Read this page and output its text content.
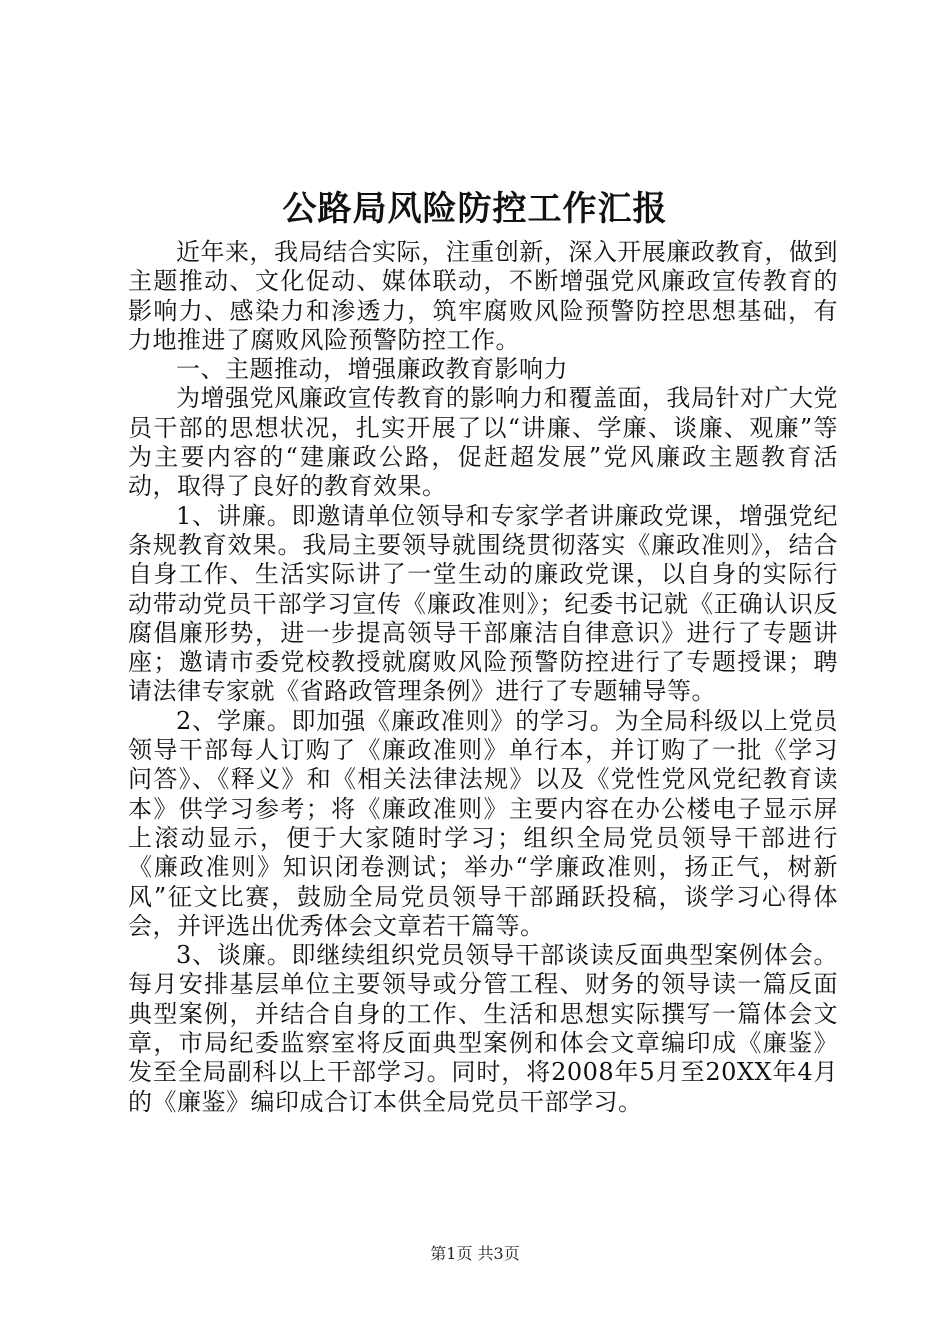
公路局风险防控工作汇报

近年来，我局结合实际，注重创新，深入开展廉政教育，做到主题推动、文化促动、媒体联动，不断增强党风廉政宣传教育的影响力、感染力和渗透力，筑牢腐败风险预警防控思想基础，有力地推进了腐败风险预警防控工作。

一、主题推动，增强廉政教育影响力

为增强党风廉政宣传教育的影响力和覆盖面，我局针对广大党员干部的思想状况，扎实开展了以“讲廉、学廉、谈廉、观廉”等为主要内容的“建廉政公路，促赶超发展”党风廉政主题教育活动，取得了良好的教育效果。

1、讲廉。即邀请单位领导和专家学者讲廉政党课，增强党纪条规教育效果。我局主要领导就围绕贯彻落实《廉政准则》，结合自身工作、生活实际讲了一堂生动的廉政党课，以自身的实际行动带动党员干部学习宣传《廉政准则》；纪委书记就《正确认识反腐倡廉形势，进一步提高领导干部廉洁自律意识》进行了专题讲座；邀请市委党校教授就腐败风险预警防控进行了专题授课；聘请法律专家就《省路政管理条例》进行了专题辅导等。

2、学廉。即加强《廉政准则》的学习。为全局科级以上党员领导干部每人订购了《廉政准则》单行本，并订购了一批《学习问答》、《释义》和《相关法律法规》以及《党性党风党纪教育读本》供学习参考；将《廉政准则》主要内容在办公楼电子显示屏上滚动显示，便于大家随时学习；组织全局党员领导干部进行《廉政准则》知识闭卷测试；举办“学廉政准则，扬正气，树新风”征文比赛，鼓励全局党员领导干部踊跃投稿，谈学习心得体会，并评选出优秀体会文章若干篇等。

3、谈廉。即继续组织党员领导干部谈读反面典型案例体会。每月安排基层单位主要领导或分管工程、财务的领导读一篇反面典型案例，并结合自身的工作、生活和思想实际撰写一篇体会文章，市局纪委监察室将反面典型案例和体会文章编印成《廉鉴》发至全局副科以上干部学习。同时，将2008年5月至20XX年4月的《廉鉴》编印成合订本供全局党员干部学习。

第1页 共3页
